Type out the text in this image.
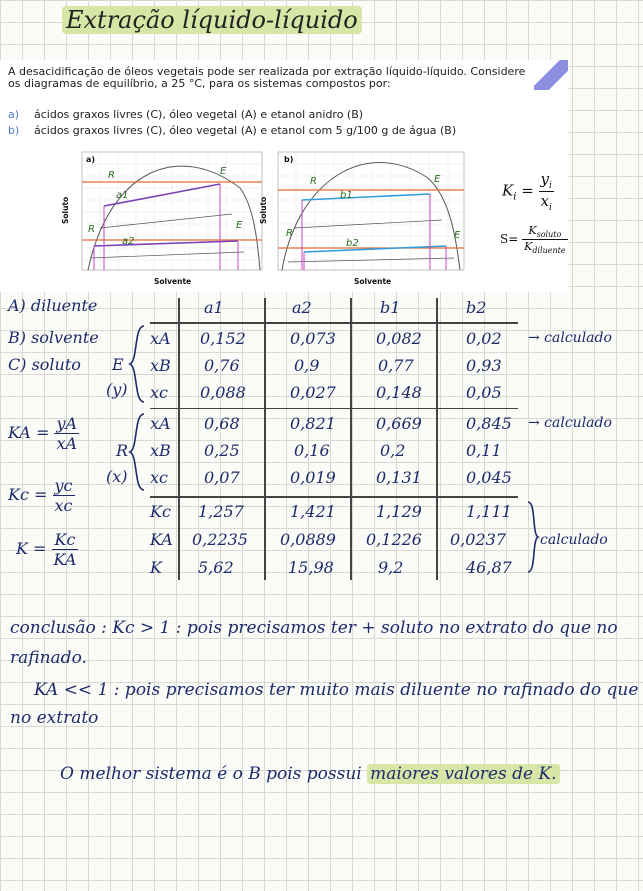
Extração líquido-líquido
A desacidificação de óleos vegetais pode ser realizada por extração líquido-líquido. Considere os diagramas de equilíbrio, a 25 °C, para os sistemas compostos por:
a) ácidos graxos livres (C), óleo vegetal (A) e etanol anidro (B)
b) ácidos graxos livres (C), óleo vegetal (A) e etanol com 5 g/100 g de água (B)
a)
a1
a2
R
R
E
E
Solvente
Soluto
b)
b1
b2
R
R
E
E
Solvente
Soluto
$K_i = \frac{y_i}{x_i}$
$S= \frac{K_{soluto}}{K_{diluente}}$
A) diluente
B) solvente
C) soluto E
(y)
R
(x)
KA = $\frac{yA}{xA}$
$Kc = \frac{yc}{xc}$
$K = \frac{Kc}{KA}$
a1	a2	b1	b2
xA 0,152	0,073	0,082	0,02 → calculado
xB 0,76	0,9	0,77	0,93
xc 0,088	0,027	0,148	0,05
xA 0,68	0,821	0,669	0,845 → calculado
xB 0,25	0,16	0,2	0,11
xc 0,07	0,019	0,131	0,045
Kc 1,257	1,421	1,129	1,111
KA 0,2235 0,0889 0,1226 0,0237 calculado
K 5,62	15,98	9,2	46,87
conclusão : Kc > 1 : pois precisamos ter + soluto no extrato do que no
rafinado.
KA << 1 : pois precisamos ter muito mais diluente no rafinado do que
no extrato
O melhor sistema é o B pois possui maiores valores de K.
